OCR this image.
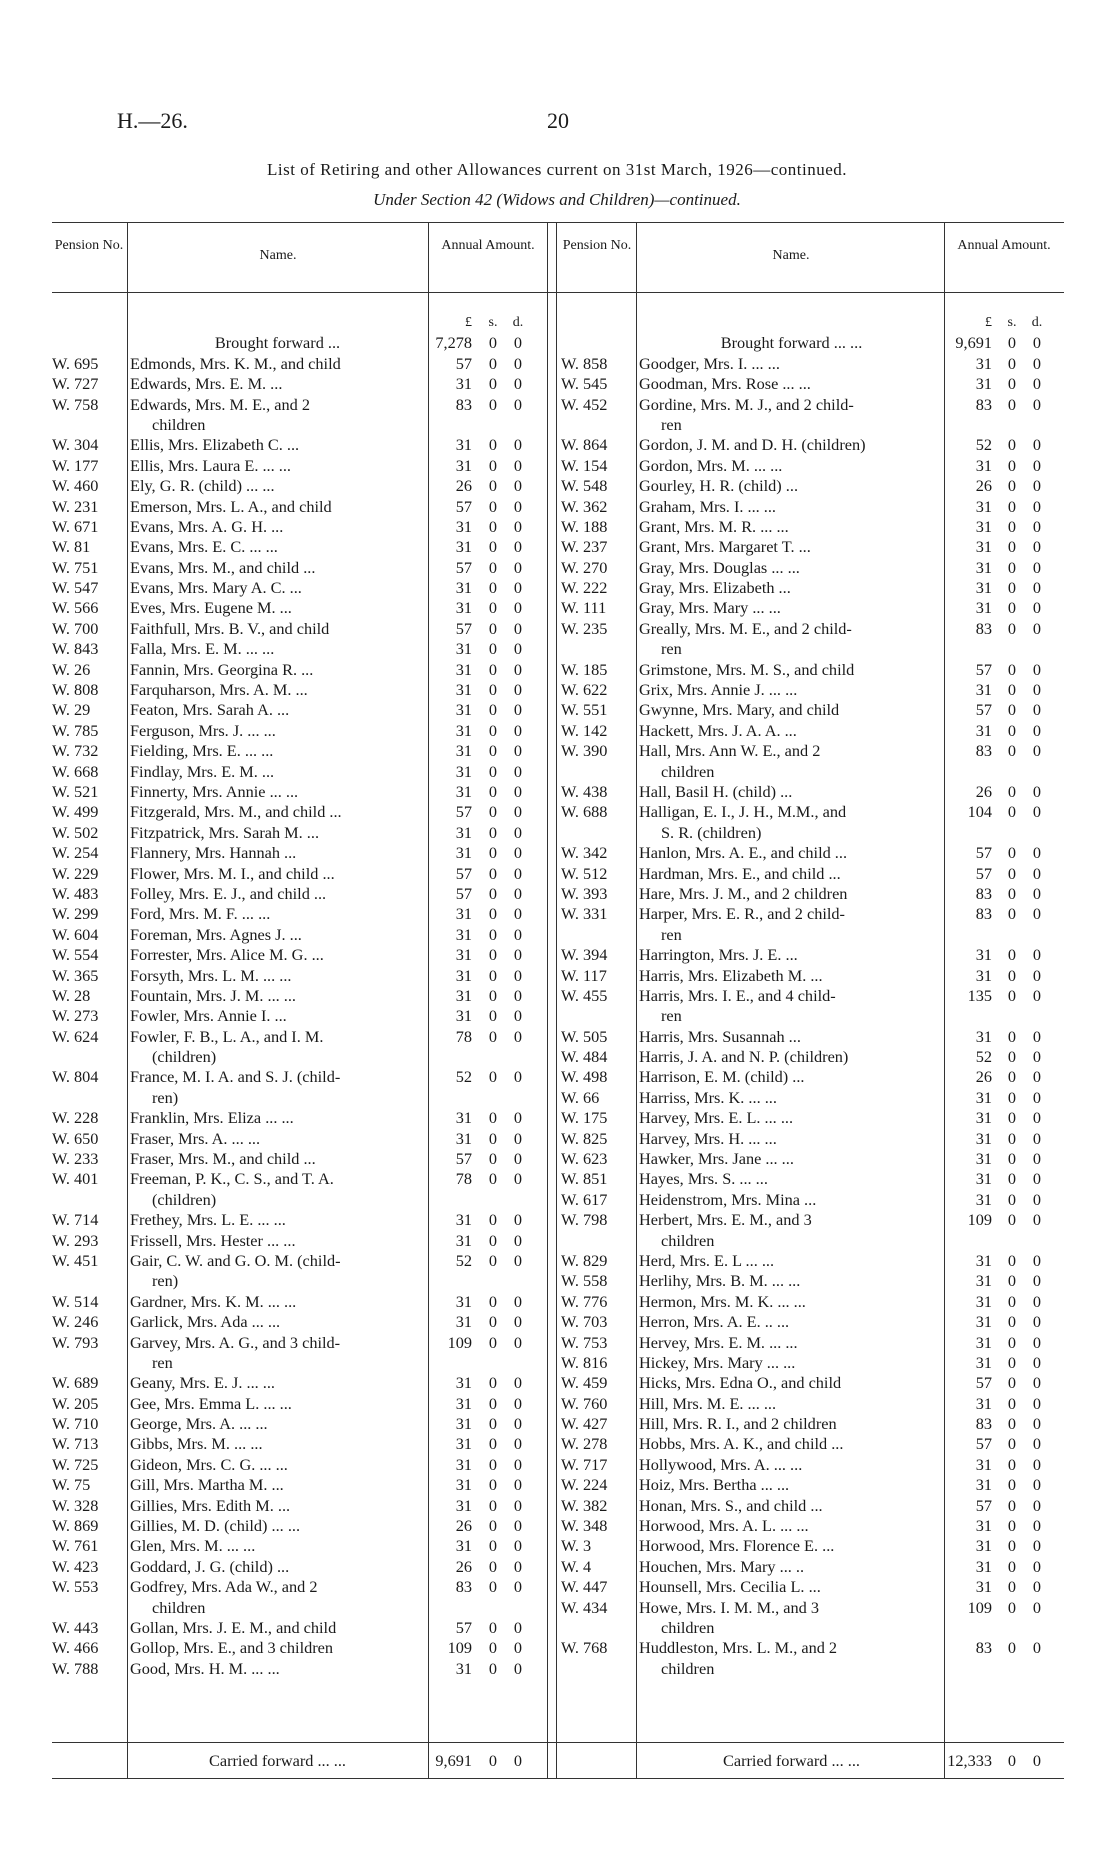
H.—26.	20
List of Retiring and other Allowances current on 31st March, 1926—continued.
Under Section 42 (Widows and Children)—continued.
Pension No.
Name.
Annual Amount.	Pension No.
Name.
Annual Amount.
£	s.	d.
Brought forward ...	7,278	0	0
W. 695	Edmonds, Mrs. K. M., and child	57	0	0
W. 727	Edwards, Mrs. E. M. ...	31	0	0
W. 758	Edwards, Mrs. M. E., and 2	83	0	0
children
W. 304	Ellis, Mrs. Elizabeth C. ...	31	0	0
W. 177	Ellis, Mrs. Laura E. ... ...	31	0	0
W. 460	Ely, G. R. (child) ... ...	26	0	0
W. 231	Emerson, Mrs. L. A., and child	57	0	0
W. 671	Evans, Mrs. A. G. H. ...	31	0	0
W. 81	Evans, Mrs. E. C. ... ...	31	0	0
W. 751	Evans, Mrs. M., and child ...	57	0	0
W. 547	Evans, Mrs. Mary A. C. ...	31	0	0
W. 566	Eves, Mrs. Eugene M. ...	31	0	0
W. 700	Faithfull, Mrs. B. V., and child	57	0	0
W. 843	Falla, Mrs. E. M. ... ...	31	0	0
W. 26	Fannin, Mrs. Georgina R. ...	31	0	0
W. 808	Farquharson, Mrs. A. M. ...	31	0	0
W. 29	Featon, Mrs. Sarah A. ...	31	0	0
W. 785	Ferguson, Mrs. J. ... ...	31	0	0
W. 732	Fielding, Mrs. E. ... ...	31	0	0
W. 668	Findlay, Mrs. E. M. ...	31	0	0
W. 521	Finnerty, Mrs. Annie ... ...	31	0	0
W. 499	Fitzgerald, Mrs. M., and child ...	57	0	0
W. 502	Fitzpatrick, Mrs. Sarah M. ...	31	0	0
W. 254	Flannery, Mrs. Hannah ...	31	0	0
W. 229	Flower, Mrs. M. I., and child ...	57	0	0
W. 483	Folley, Mrs. E. J., and child ...	57	0	0
W. 299	Ford, Mrs. M. F. ... ...	31	0	0
W. 604	Foreman, Mrs. Agnes J. ...	31	0	0
W. 554	Forrester, Mrs. Alice M. G. ...	31	0	0
W. 365	Forsyth, Mrs. L. M. ... ...	31	0	0
W. 28	Fountain, Mrs. J. M. ... ...	31	0	0
W. 273	Fowler, Mrs. Annie I. ...	31	0	0
W. 624	Fowler, F. B., L. A., and I. M.	78	0	0
(children)
W. 804	France, M. I. A. and S. J. (child-	52	0	0
ren)
W. 228	Franklin, Mrs. Eliza ... ...	31	0	0
W. 650	Fraser, Mrs. A. ... ...	31	0	0
W. 233	Fraser, Mrs. M., and child ...	57	0	0
W. 401	Freeman, P. K., C. S., and T. A.	78	0	0
(children)
W. 714	Frethey, Mrs. L. E. ... ...	31	0	0
W. 293	Frissell, Mrs. Hester ... ...	31	0	0
W. 451	Gair, C. W. and G. O. M. (child-	52	0	0
ren)
W. 514	Gardner, Mrs. K. M. ... ...	31	0	0
W. 246	Garlick, Mrs. Ada ... ...	31	0	0
W. 793	Garvey, Mrs. A. G., and 3 child-	109	0	0
ren
W. 689	Geany, Mrs. E. J. ... ...	31	0	0
W. 205	Gee, Mrs. Emma L. ... ...	31	0	0
W. 710	George, Mrs. A. ... ...	31	0	0
W. 713	Gibbs, Mrs. M. ... ...	31	0	0
W. 725	Gideon, Mrs. C. G. ... ...	31	0	0
W. 75	Gill, Mrs. Martha M. ...	31	0	0
W. 328	Gillies, Mrs. Edith M. ...	31	0	0
W. 869	Gillies, M. D. (child) ... ...	26	0	0
W. 761	Glen, Mrs. M. ... ...	31	0	0
W. 423	Goddard, J. G. (child) ...	26	0	0
W. 553	Godfrey, Mrs. Ada W., and 2	83	0	0
children
W. 443	Gollan, Mrs. J. E. M., and child	57	0	0
W. 466	Gollop, Mrs. E., and 3 children	109	0	0
W. 788	Good, Mrs. H. M. ... ...	31	0	0
Carried forward ... ...	9,691	0	0
£	s.	d.
Brought forward ... ...	9,691 0	0
W. 858	Goodger, Mrs. I. ... ...	31 0	0
W. 545	Goodman, Mrs. Rose ... ...	31 0	0
W. 452	Gordine, Mrs. M. J., and 2 child-	83 0	0
ren
W. 864	Gordon, J. M. and D. H. (children)	52 0	0
W. 154	Gordon, Mrs. M. ... ...	31 0	0
W. 548	Gourley, H. R. (child) ...	26 0	0
W. 362	Graham, Mrs. I. ... ...	31 0	0
W. 188	Grant, Mrs. M. R. ... ...	31 0	0
W. 237	Grant, Mrs. Margaret T. ...	31 0	0
W. 270	Gray, Mrs. Douglas ... ...	31 0	0
W. 222	Gray, Mrs. Elizabeth ...	31 0	0
W. 111	Gray, Mrs. Mary ... ...	31 0	0
W. 235	Greally, Mrs. M. E., and 2 child-	83 0	0
ren
W. 185	Grimstone, Mrs. M. S., and child	57 0	0
W. 622	Grix, Mrs. Annie J. ... ...	31 0	0
W. 551	Gwynne, Mrs. Mary, and child	57 0	0
W. 142	Hackett, Mrs. J. A. A. ...	31 0	0
W. 390	Hall, Mrs. Ann W. E., and 2	83 0	0
children
W. 438	Hall, Basil H. (child) ...	26 0	0
W. 688	Halligan, E. I., J. H., M.M., and	104 0	0
S. R. (children)
W. 342	Hanlon, Mrs. A. E., and child ...	57 0	0
W. 512	Hardman, Mrs. E., and child ...	57 0	0
W. 393	Hare, Mrs. J. M., and 2 children	83 0	0
W. 331	Harper, Mrs. E. R., and 2 child-	83 0	0
ren
W. 394	Harrington, Mrs. J. E. ...	31 0	0
W. 117	Harris, Mrs. Elizabeth M. ...	31 0	0
W. 455	Harris, Mrs. I. E., and 4 child-	135 0	0
ren
W. 505	Harris, Mrs. Susannah ...	31 0	0
W. 484	Harris, J. A. and N. P. (children)	52 0	0
W. 498	Harrison, E. M. (child) ...	26 0	0
W. 66	Harriss, Mrs. K. ... ...	31 0	0
W. 175	Harvey, Mrs. E. L. ... ...	31 0	0
W. 825	Harvey, Mrs. H. ... ...	31 0	0
W. 623	Hawker, Mrs. Jane ... ...	31 0	0
W. 851	Hayes, Mrs. S. ... ...	31 0	0
W. 617	Heidenstrom, Mrs. Mina ...	31 0	0
W. 798	Herbert, Mrs. E. M., and 3	109 0	0
children
W. 829	Herd, Mrs. E. L ... ...	31 0	0
W. 558	Herlihy, Mrs. B. M. ... ...	31 0	0
W. 776	Hermon, Mrs. M. K. ... ...	31 0	0
W. 703	Herron, Mrs. A. E. .. ...	31 0	0
W. 753	Hervey, Mrs. E. M. ... ...	31 0	0
W. 816	Hickey, Mrs. Mary ... ...	31 0	0
W. 459	Hicks, Mrs. Edna O., and child	57 0	0
W. 760	Hill, Mrs. M. E. ... ...	31 0	0
W. 427	Hill, Mrs. R. I., and 2 children	83 0	0
W. 278	Hobbs, Mrs. A. K., and child ...	57 0	0
W. 717	Hollywood, Mrs. A. ... ...	31 0	0
W. 224	Hoiz, Mrs. Bertha ... ...	31 0	0
W. 382	Honan, Mrs. S., and child ...	57 0	0
W. 348	Horwood, Mrs. A. L. ... ...	31 0	0
W. 3	Horwood, Mrs. Florence E. ...	31 0	0
W. 4	Houchen, Mrs. Mary ... ..	31 0	0
W. 447	Hounsell, Mrs. Cecilia L. ...	31 0	0
W. 434	Howe, Mrs. I. M. M., and 3	109 0	0
children
W. 768	Huddleston, Mrs. L. M., and 2	83 0	0
children
Carried forward ... ...	12,333 0	0
